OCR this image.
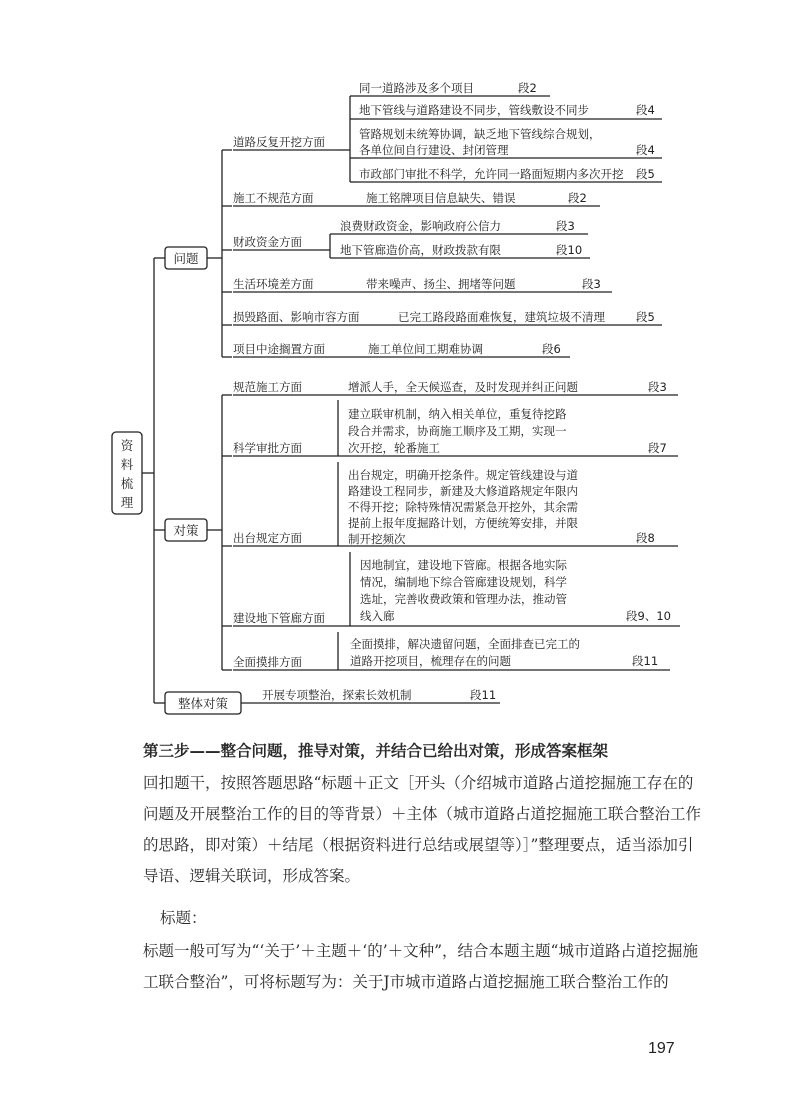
资
料
梳
理
问题
道路反复开挖方面
同一道路涉及多个项目	段2
地下管线与道路建设不同步，管线敷设不同步	段4
管路规划未统筹协调，缺乏地下管线综合规划，
各单位间自行建设、封闭管理	段4
市政部门审批不科学，允许同一路面短期内多次开挖 段5
施工不规范方面	施工铭牌项目信息缺失、错误	段2
财政资金方面
浪费财政资金，影响政府公信力	段3
地下管廊造价高，财政拨款有限	段10
生活环境差方面	带来噪声、扬尘、拥堵等问题	段3
损毁路面、影响市容方面	已完工路段路面难恢复，建筑垃圾不清理	段5
项目中途搁置方面	施工单位间工期难协调	段6
对策
规范施工方面	增派人手，全天候巡查，及时发现并纠正问题	段3
科学审批方面
建立联审机制，纳入相关单位，重复待挖路
段合并需求，协商施工顺序及工期，实现一
次开挖，轮番施工	段7
出台规定方面
出台规定，明确开挖条件。规定管线建设与道
路建设工程同步，新建及大修道路规定年限内
不得开挖；除特殊情况需紧急开挖外，其余需
提前上报年度掘路计划，方便统筹安排，并限
制开挖频次	段8
建设地下管廊方面
因地制宜，建设地下管廊。根据各地实际
情况，编制地下综合管廊建设规划，科学
选址，完善收费政策和管理办法，推动管
线入廊	段9、10
全面摸排方面
全面摸排，解决遗留问题，全面排查已完工的
道路开挖项目，梳理存在的问题	段11
整体对策
开展专项整治，探索长效机制	段11
第三步——整合问题，推导对策，并结合已给出对策，形成答案框架
回扣题干，按照答题思路“标题＋正文［开头（介绍城市道路占道挖掘施工存在的问题及开展整治工作的目的等背景）＋主体（城市道路占道挖掘施工联合整治工作的思路，即对策）＋结尾（根据资料进行总结或展望等）］”整理要点，适当添加引导语、逻辑关联词，形成答案。
标题：
标题一般可写为“‘关于’＋主题＋‘的’＋文种”，结合本题主题“城市道路占道挖掘施工联合整治”，可将标题写为：关于J市城市道路占道挖掘施工联合整治工作的
197
